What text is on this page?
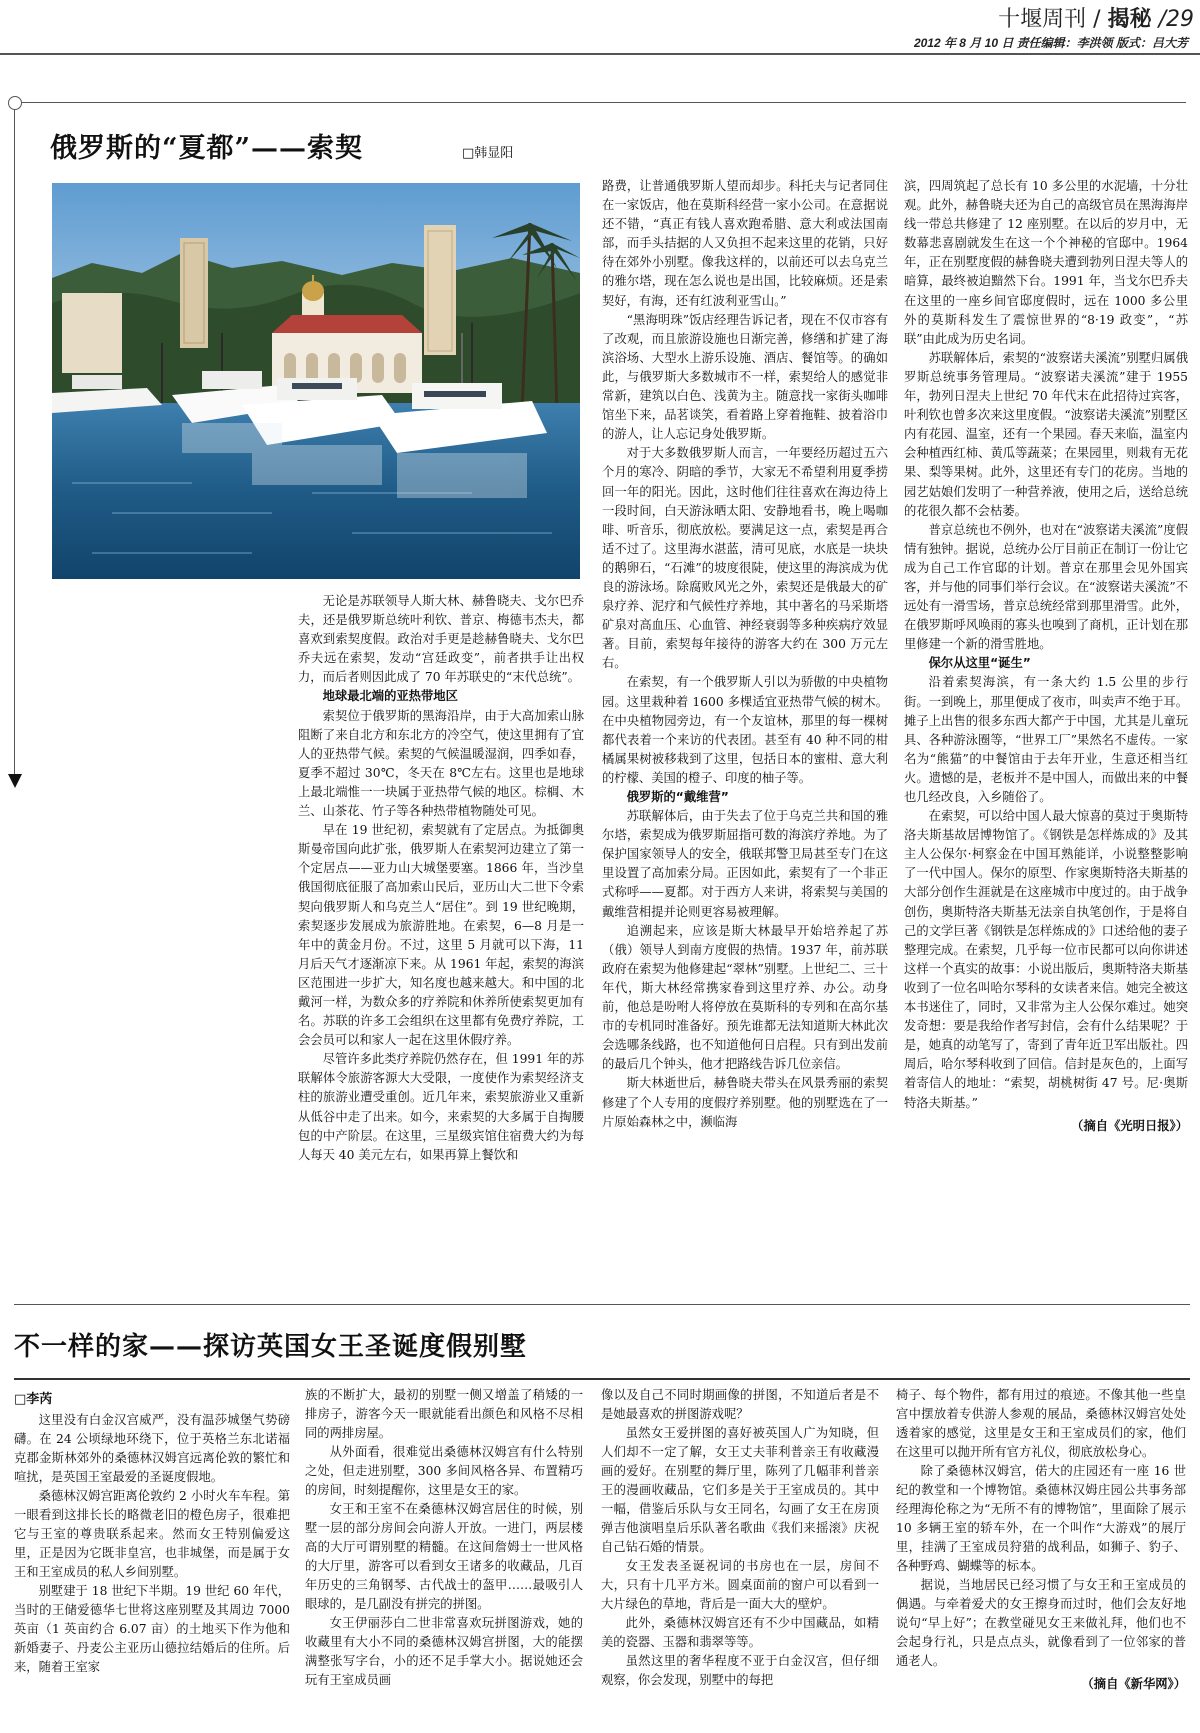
十堰周刊 / 揭秘 /29
2012 年 8 月 10 日 责任编辑：李洪领 版式：吕大芳
俄罗斯的“夏都”——索契	□韩显阳

无论是苏联领导人斯大林、赫鲁晓夫、戈尔巴乔夫，还是俄罗斯总统叶利钦、普京、梅德韦杰夫，都喜欢到索契度假。政治对手更是趁赫鲁晓夫、戈尔巴乔夫远在索契，发动“宫廷政变”，前者拱手让出权力，而后者则因此成了 70 年苏联史的“末代总统”。

地球最北端的亚热带地区

索契位于俄罗斯的黑海沿岸，由于大高加索山脉阻断了来自北方和东北方的冷空气，使这里拥有了宜人的亚热带气候。索契的气候温暖湿润，四季如春，夏季不超过 30℃，冬天在 8℃左右。这里也是地球上最北端惟一一块属于亚热带气候的地区。棕榈、木兰、山茶花、竹子等各种热带植物随处可见。

早在 19 世纪初，索契就有了定居点。为抵御奥斯曼帝国向此扩张，俄罗斯人在索契河边建立了第一个定居点——亚力山大城堡要塞。1866 年，当沙皇俄国彻底征服了高加索山民后，亚历山大二世下令索契向俄罗斯人和乌克兰人“居住”。到 19 世纪晚期，索契逐步发展成为旅游胜地。在索契，6—8 月是一年中的黄金月份。不过，这里 5 月就可以下海，11 月后天气才逐渐凉下来。从 1961 年起，索契的海滨区范围进一步扩大，知名度也越来越大。和中国的北戴河一样，为数众多的疗养院和休养所使索契更加有名。苏联的许多工会组织在这里都有免费疗养院，工会会员可以和家人一起在这里休假疗养。

尽管许多此类疗养院仍然存在，但 1991 年的苏联解体令旅游客源大大受限，一度使作为索契经济支柱的旅游业遭受重创。近几年来，索契旅游业又重新从低谷中走了出来。如今，来索契的大多属于自掏腰包的中产阶层。在这里，三星级宾馆住宿费大约为每人每天 40 美元左右，如果再算上餐饮和

路费，让普通俄罗斯人望而却步。科托夫与记者同住在一家饭店，他在莫斯科经营一家小公司。在意据说还不错，“真正有钱人喜欢跑希腊、意大利或法国南部，而手头拮据的人又负担不起来这里的花销，只好待在郊外小别墅。像我这样的，以前还可以去乌克兰的雅尔塔，现在怎么说也是出国，比较麻烦。还是索契好，有海，还有红波利亚雪山。”

“黑海明珠”饭店经理告诉记者，现在不仅市容有了改观，而且旅游设施也日渐完善，修缮和扩建了海滨浴场、大型水上游乐设施、酒店、餐馆等。的确如此，与俄罗斯大多数城市不一样，索契给人的感觉非常新，建筑以白色、浅黄为主。随意找一家街头咖啡馆坐下来，品茗谈笑，看着路上穿着拖鞋、披着浴巾的游人，让人忘记身处俄罗斯。

对于大多数俄罗斯人而言，一年要经历超过五六个月的寒冷、阴暗的季节，大家无不希望利用夏季捞回一年的阳光。因此，这时他们往往喜欢在海边待上一段时间，白天游泳晒太阳、安静地看书，晚上喝咖啡、听音乐，彻底放松。要满足这一点，索契是再合适不过了。这里海水湛蓝，清可见底，水底是一块块的鹅卵石，“石滩”的坡度很陡，使这里的海滨成为优良的游泳场。除腐败风光之外，索契还是俄最大的矿泉疗养、泥疗和气候性疗养地，其中著名的马采斯塔矿泉对高血压、心血管、神经衰弱等多种疾病疗效显著。目前，索契每年接待的游客大约在 300 万元左右。

在索契，有一个俄罗斯人引以为骄傲的中央植物园。这里栽种着 1600 多棵适宜亚热带气候的树木。在中央植物园旁边，有一个友谊林，那里的每一棵树都代表着一个来访的代表团。甚至有 40 种不同的柑橘属果树被移栽到了这里，包括日本的蜜柑、意大利的柠檬、美国的橙子、印度的柚子等。

俄罗斯的“戴维营”

苏联解体后，由于失去了位于乌克兰共和国的雅尔塔，索契成为俄罗斯屈指可数的海滨疗养地。为了保护国家领导人的安全，俄联邦警卫局甚至专门在这里设置了高加索分局。正因如此，索契有了一个非正式称呼——夏都。对于西方人来讲，将索契与美国的戴维营相提并论则更容易被理解。

追溯起来，应该是斯大林最早开始培养起了苏（俄）领导人到南方度假的热情。1937 年，前苏联政府在索契为他修建起“翠林”别墅。上世纪二、三十年代，斯大林经常携家眷到这里疗养、办公。动身前，他总是吩咐人将停放在莫斯科的专列和在高尔基市的专机同时准备好。预先谁都无法知道斯大林此次会选哪条线路，也不知道他何日启程。只有到出发前的最后几个钟头，他才把路线告诉几位亲信。

斯大林逝世后，赫鲁晓夫带头在风景秀丽的索契修建了个人专用的度假疗养别墅。他的别墅选在了一片原始森林之中，濒临海

滨，四周筑起了总长有 10 多公里的水泥墙，十分壮观。此外，赫鲁晓夫还为自己的高级官员在黑海海岸线一带总共修建了 12 座别墅。在以后的岁月中，无数幕悲喜剧就发生在这一个个神秘的官邸中。1964 年，正在别墅度假的赫鲁晓夫遭到勃列日涅夫等人的暗算，最终被迫黯然下台。1991 年，当戈尔巴乔夫在这里的一座乡间官邸度假时，远在 1000 多公里外的莫斯科发生了震惊世界的“8·19 政变”，“苏联”由此成为历史名词。

苏联解体后，索契的“波察诺夫溪流”别墅归属俄罗斯总统事务管理局。“波察诺夫溪流”建于 1955 年，勃列日涅夫上世纪 70 年代末在此招待过宾客，叶利钦也曾多次来这里度假。“波察诺夫溪流”别墅区内有花园、温室，还有一个果园。春天来临，温室内会种植西红柿、黄瓜等蔬菜；在果园里，则栽有无花果、梨等果树。此外，这里还有专门的花房。当地的园艺姑娘们发明了一种营养液，使用之后，送给总统的花很久都不会枯萎。

普京总统也不例外，也对在“波察诺夫溪流”度假情有独钟。据说，总统办公厅目前正在制订一份让它成为自己工作官邸的计划。普京在那里会见外国宾客，并与他的同事们举行会议。在“波察诺夫溪流”不远处有一滑雪场，普京总统经常到那里滑雪。此外，在俄罗斯呼风唤雨的寡头也嗅到了商机，正计划在那里修建一个新的滑雪胜地。

保尔从这里“诞生”

沿着索契海滨，有一条大约 1.5 公里的步行街。一到晚上，那里便成了夜市，叫卖声不绝于耳。摊子上出售的很多东西大都产于中国，尤其是儿童玩具、各种游泳圈等，“世界工厂”果然名不虚传。一家名为“熊猫”的中餐馆由于去年开业，生意还相当红火。遗憾的是，老板并不是中国人，而做出来的中餐也几经改良，入乡随俗了。

在索契，可以给中国人最大惊喜的莫过于奥斯特洛夫斯基故居博物馆了。《钢铁是怎样炼成的》及其主人公保尔·柯察金在中国耳熟能详，小说整整影响了一代中国人。保尔的原型、作家奥斯特洛夫斯基的大部分创作生涯就是在这座城市中度过的。由于战争创伤，奥斯特洛夫斯基无法亲自执笔创作，于是将自己的文学巨著《钢铁是怎样炼成的》口述给他的妻子整理完成。在索契，几乎每一位市民都可以向你讲述这样一个真实的故事：小说出版后，奥斯特洛夫斯基收到了一位名叫哈尔琴科的女读者来信。她完全被这本书迷住了，同时，又非常为主人公保尔难过。她突发奇想：要是我给作者写封信，会有什么结果呢？于是，她真的动笔写了，寄到了青年近卫军出版社。四周后，哈尔琴科收到了回信。信封是灰色的，上面写着寄信人的地址：“索契，胡桃树街 47 号。尼·奥斯特洛夫斯基。”

（摘自《光明日报》）

不一样的家——探访英国女王圣诞度假别墅
□李芮

这里没有白金汉宫威严，没有温莎城堡气势磅礴。在 24 公顷绿地环绕下，位于英格兰东北诺福克郡金斯林郊外的桑德林汉姆宫远离伦敦的繁忙和喧扰，是英国王室最爱的圣诞度假地。

桑德林汉姆宫距离伦敦约 2 小时火车车程。第一眼看到这排长长的略微老旧的橙色房子，很难把它与王室的尊贵联系起来。然而女王特别偏爱这里，正是因为它既非皇宫，也非城堡，而是属于女王和王室成员的私人乡间别墅。

别墅建于 18 世纪下半期。19 世纪 60 年代，当时的王储爱德华七世将这座别墅及其周边 7000 英亩（1 英亩约合 6.07 亩）的土地买下作为他和新婚妻子、丹麦公主亚历山德拉结婚后的住所。后来，随着王室家

族的不断扩大，最初的别墅一侧又增盖了稍矮的一排房子，游客今天一眼就能看出颜色和风格不尽相同的两排房屋。

从外面看，很难觉出桑德林汉姆宫有什么特别之处，但走进别墅，300 多间风格各异、布置精巧的房间，时刻提醒你，这里是女王的家。

女王和王室不在桑德林汉姆宫居住的时候，别墅一层的部分房间会向游人开放。一进门，两层楼高的大厅可谓别墅的精髓。在这间詹姆士一世风格的大厅里，游客可以看到女王诸多的收藏品，几百年历史的三角钢琴、古代战士的盔甲……最吸引人眼球的，是几副没有拼完的拼图。

女王伊丽莎白二世非常喜欢玩拼图游戏，她的收藏里有大小不同的桑德林汉姆宫拼图，大的能摆满整张写字台，小的还不足手掌大小。据说她还会玩有王室成员画

像以及自己不同时期画像的拼图，不知道后者是不是她最喜欢的拼图游戏呢？

虽然女王爱拼图的喜好被英国人广为知晓，但人们却不一定了解，女王丈夫菲利普亲王有收藏漫画的爱好。在别墅的舞厅里，陈列了几幅菲利普亲王的漫画收藏品，它们多是关于王室成员的。其中一幅，借鉴后乐队与女王同名，勾画了女王在房顶弹吉他演唱皇后乐队著名歌曲《我们来摇滚》庆祝自己钻石婚的情景。

女王发表圣诞祝词的书房也在一层，房间不大，只有十几平方米。圆桌面前的窗户可以看到一大片绿色的草地，背后是一面大大的壁炉。

此外，桑德林汉姆宫还有不少中国藏品，如精美的瓷器、玉器和翡翠等等。

虽然这里的奢华程度不亚于白金汉宫，但仔细观察，你会发现，别墅中的每把

椅子、每个物件，都有用过的痕迹。不像其他一些皇宫中摆放着专供游人参观的展品，桑德林汉姆宫处处透着家的感觉，这里是女王和王室成员们的家，他们在这里可以抛开所有官方礼仪，彻底放松身心。

除了桑德林汉姆宫，偌大的庄园还有一座 16 世纪的教堂和一个博物馆。桑德林汉姆庄园公共事务部经理海伦称之为“无所不有的博物馆”，里面除了展示 10 多辆王室的轿车外，在一个叫作“大游戏”的展厅里，挂满了王室成员狩猎的战利品，如狮子、豹子、各种野鸡、蝴蝶等的标本。

据说，当地居民已经习惯了与女王和王室成员的偶遇。与牵着爱犬的女王擦身而过时，他们会友好地说句“早上好”；在教堂碰见女王来做礼拜，他们也不会起身行礼，只是点点头，就像看到了一位邻家的普通老人。

（摘自《新华网》）
